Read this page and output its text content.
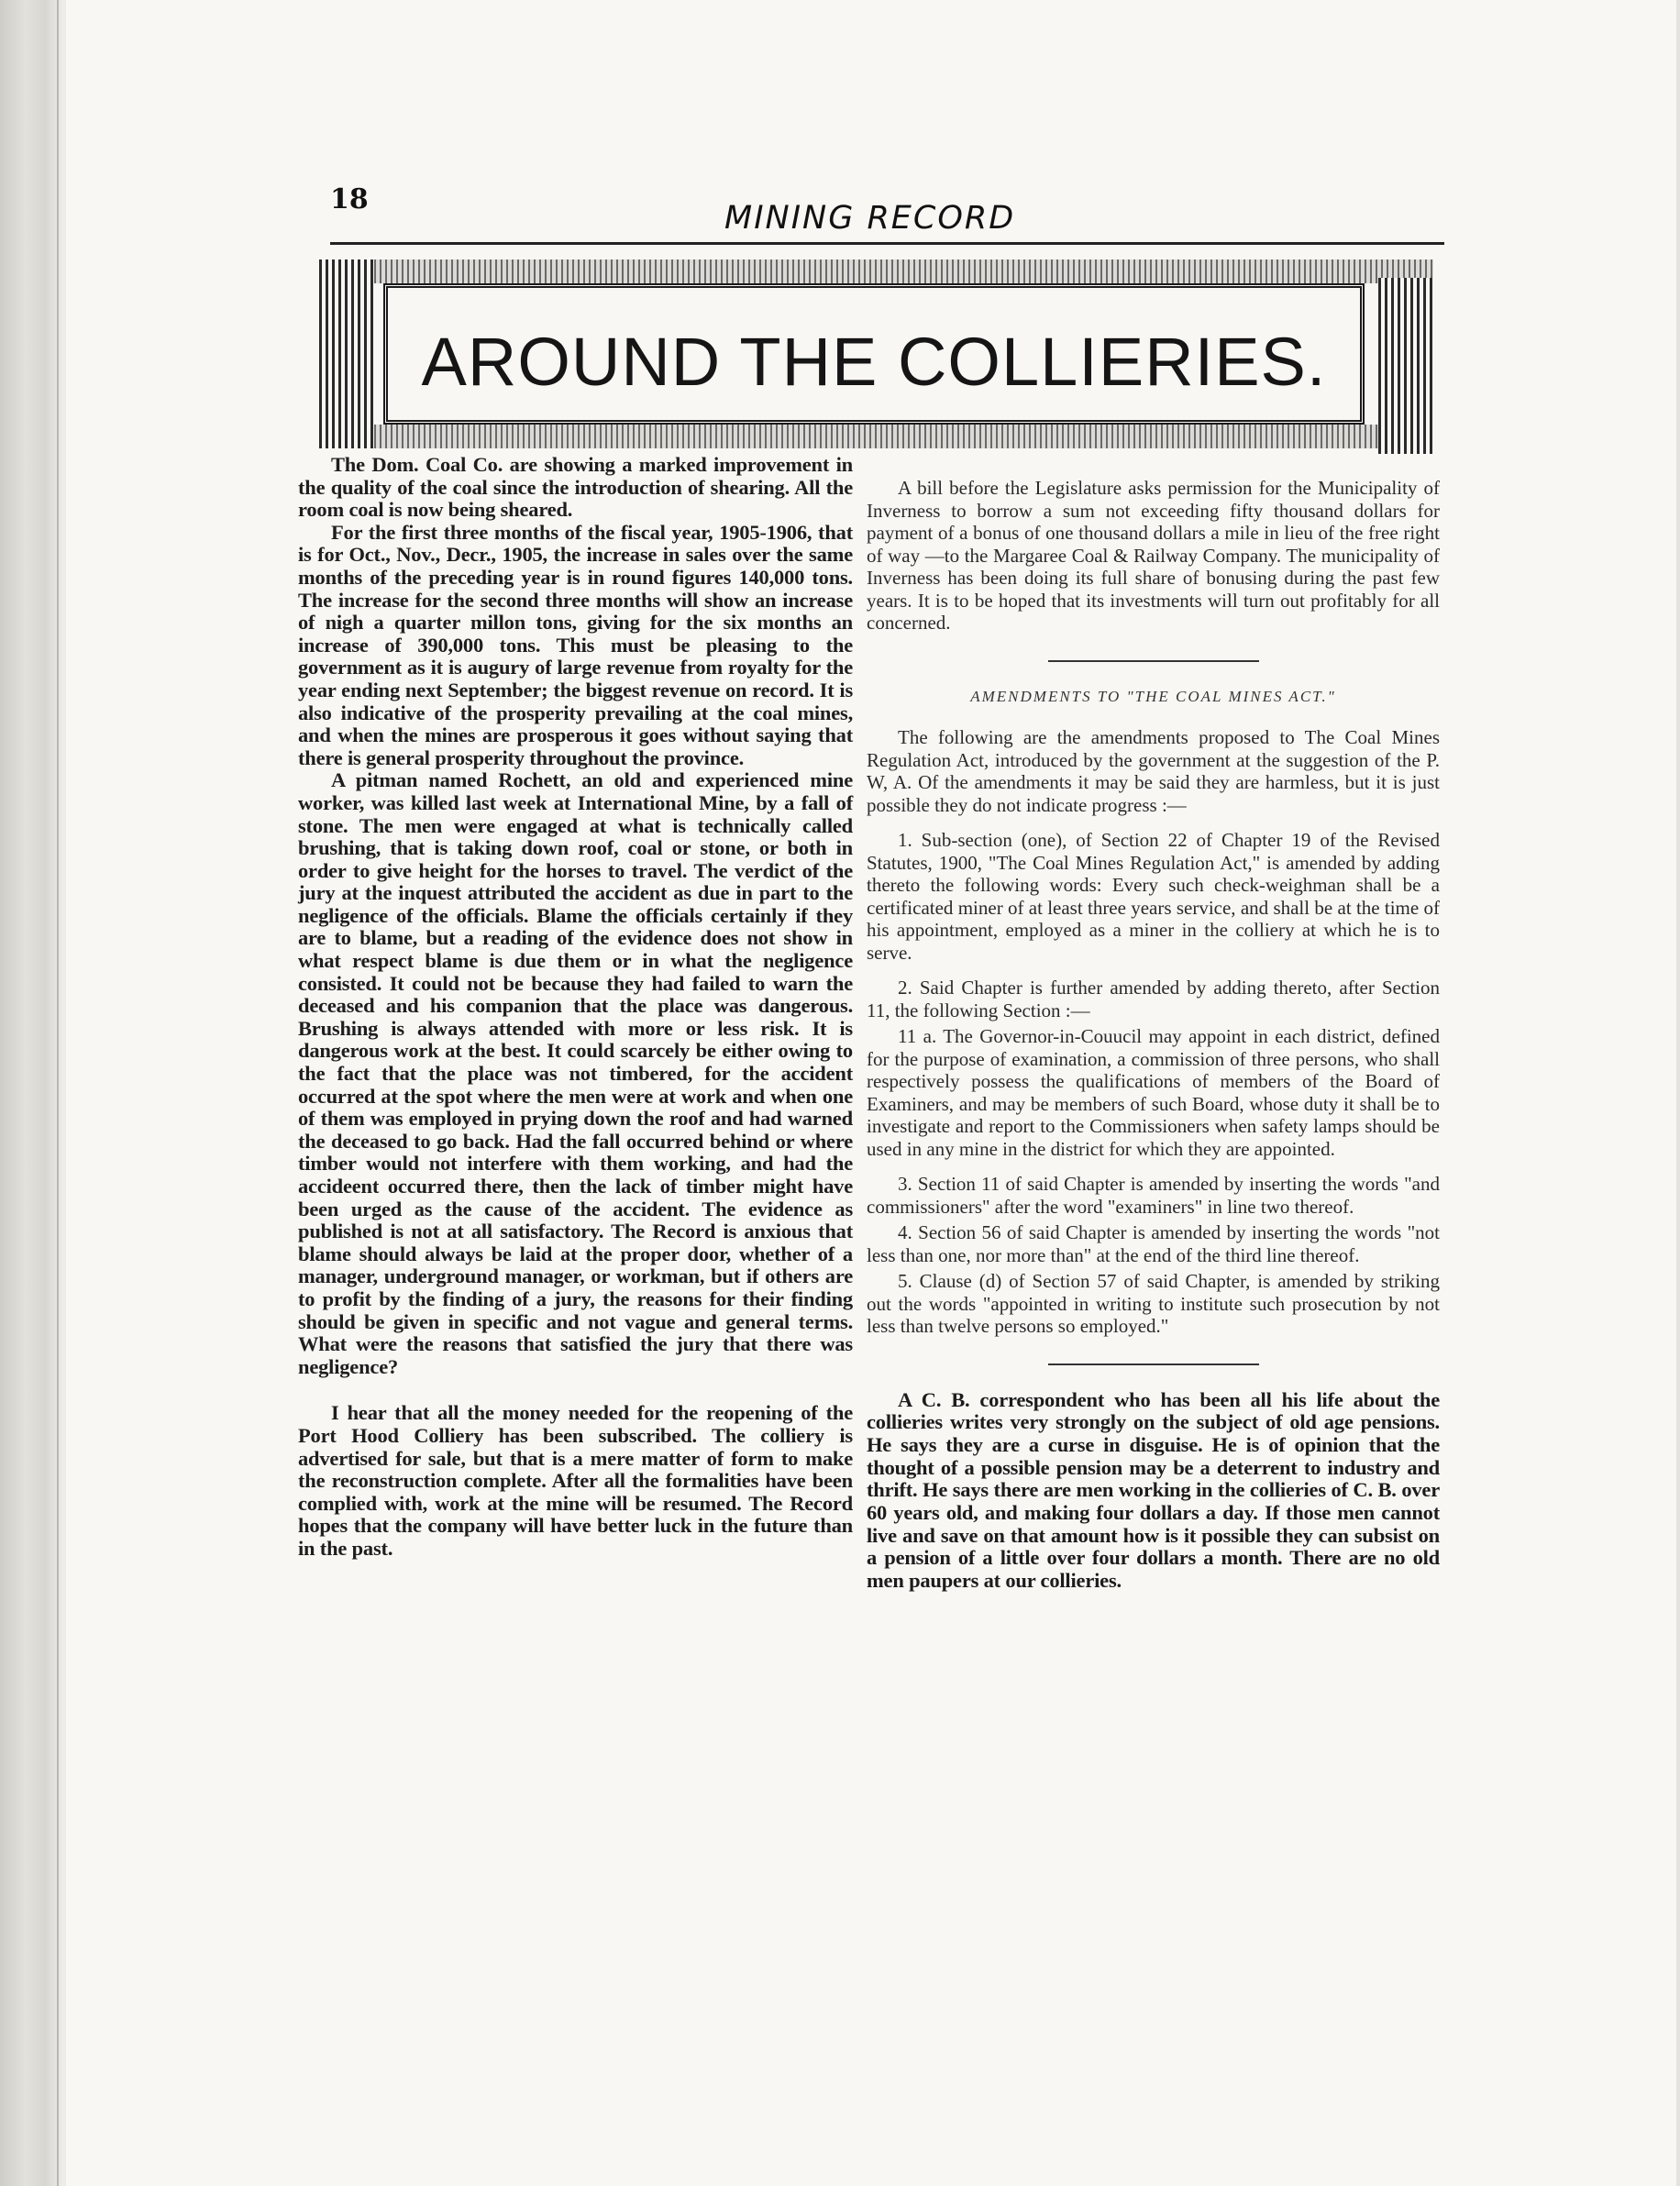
18
MINING RECORD
AROUND THE COLLIERIES.

The Dom. Coal Co. are showing a marked improvement in the quality of the coal since the introduction of shearing. All the room coal is now being sheared.

For the first three months of the fiscal year, 1905-1906, that is for Oct., Nov., Decr., 1905, the increase in sales over the same months of the preceding year is in round figures 140,000 tons. The increase for the second three months will show an increase of nigh a quarter millon tons, giving for the six months an increase of 390,000 tons. This must be pleasing to the government as it is augury of large revenue from royalty for the year ending next September; the biggest revenue on record. It is also indicative of the prosperity prevailing at the coal mines, and when the mines are prosperous it goes without saying that there is general prosperity throughout the province.

A pitman named Rochett, an old and experienced mine worker, was killed last week at International Mine, by a fall of stone. The men were engaged at what is technically called brushing, that is taking down roof, coal or stone, or both in order to give height for the horses to travel. The verdict of the jury at the inquest attributed the accident as due in part to the negligence of the officials. Blame the officials certainly if they are to blame, but a reading of the evidence does not show in what respect blame is due them or in what the negligence consisted. It could not be because they had failed to warn the deceased and his companion that the place was dangerous. Brushing is always attended with more or less risk. It is dangerous work at the best. It could scarcely be either owing to the fact that the place was not timbered, for the accident occurred at the spot where the men were at work and when one of them was employed in prying down the roof and had warned the deceased to go back. Had the fall occurred behind or where timber would not interfere with them working, and had the accideent occurred there, then the lack of timber might have been urged as the cause of the accident. The evidence as published is not at all satisfactory. The Record is anxious that blame should always be laid at the proper door, whether of a manager, underground manager, or workman, but if others are to profit by the finding of a jury, the reasons for their finding should be given in specific and not vague and general terms. What were the reasons that satisfied the jury that there was negligence?

I hear that all the money needed for the reopening of the Port Hood Colliery has been subscribed. The colliery is advertised for sale, but that is a mere matter of form to make the reconstruction complete. After all the formalities have been complied with, work at the mine will be resumed. The Record hopes that the company will have better luck in the future than in the past.

A bill before the Legislature asks permission for the Municipality of Inverness to borrow a sum not exceeding fifty thousand dollars for payment of a bonus of one thousand dollars a mile in lieu of the free right of way —to the Margaree Coal & Railway Company. The municipality of Inverness has been doing its full share of bonusing during the past few years. It is to be hoped that its investments will turn out profitably for all concerned.

AMENDMENTS TO "THE COAL MINES ACT."

The following are the amendments proposed to The Coal Mines Regulation Act, introduced by the government at the suggestion of the P. W, A. Of the amendments it may be said they are harmless, but it is just possible they do not indicate progress :—

1. Sub-section (one), of Section 22 of Chapter 19 of the Revised Statutes, 1900, "The Coal Mines Regulation Act," is amended by adding thereto the following words: Every such check-weighman shall be a certificated miner of at least three years service, and shall be at the time of his appointment, employed as a miner in the colliery at which he is to serve.

2. Said Chapter is further amended by adding thereto, after Section 11, the following Section :—

11 a. The Governor-in-Couucil may appoint in each district, defined for the purpose of examination, a commission of three persons, who shall respectively possess the qualifications of members of the Board of Examiners, and may be members of such Board, whose duty it shall be to investigate and report to the Commissioners when safety lamps should be used in any mine in the district for which they are appointed.

3. Section 11 of said Chapter is amended by inserting the words "and commissioners" after the word "examiners" in line two thereof.

4. Section 56 of said Chapter is amended by inserting the words "not less than one, nor more than" at the end of the third line thereof.

5. Clause (d) of Section 57 of said Chapter, is amended by striking out the words "appointed in writing to institute such prosecution by not less than twelve persons so employed."

A C. B. correspondent who has been all his life about the collieries writes very strongly on the subject of old age pensions. He says they are a curse in disguise. He is of opinion that the thought of a possible pension may be a deterrent to industry and thrift. He says there are men working in the collieries of C. B. over 60 years old, and making four dollars a day. If those men cannot live and save on that amount how is it possible they can subsist on a pension of a little over four dollars a month. There are no old men paupers at our collieries.
